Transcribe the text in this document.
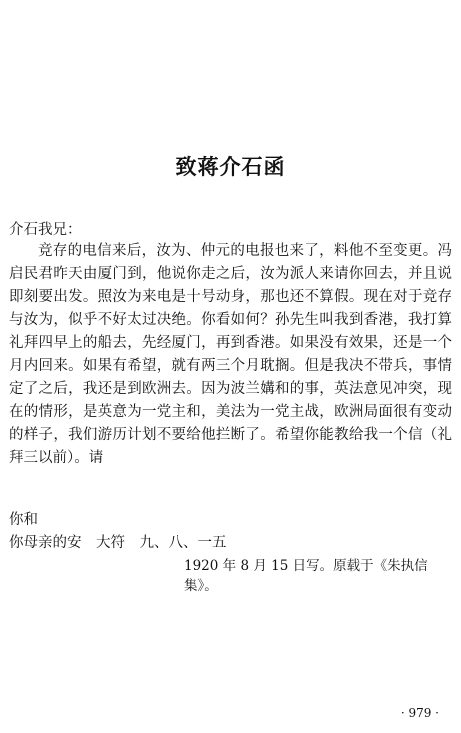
致蒋介石函
介石我兄：

竞存的电信来后，汝为、仲元的电报也来了，料他不至变更。冯启民君昨天由厦门到，他说你走之后，汝为派人来请你回去，并且说即刻要出发。照汝为来电是十号动身，那也还不算假。现在对于竞存与汝为，似乎不好太过决绝。你看如何？孙先生叫我到香港，我打算礼拜四早上的船去，先经厦门，再到香港。如果没有效果，还是一个月内回来。如果有希望，就有两三个月耽搁。但是我决不带兵，事情定了之后，我还是到欧洲去。因为波兰媾和的事，英法意见冲突，现在的情形，是英意为一党主和，美法为一党主战，欧洲局面很有变动的样子，我们游历计划不要给他拦断了。希望你能教给我一个信（礼拜三以前）。请

你和
你母亲的安　大符　九、八、一五
1920 年 8 月 15 日写。原载于《朱执信集》。
· 979 ·
